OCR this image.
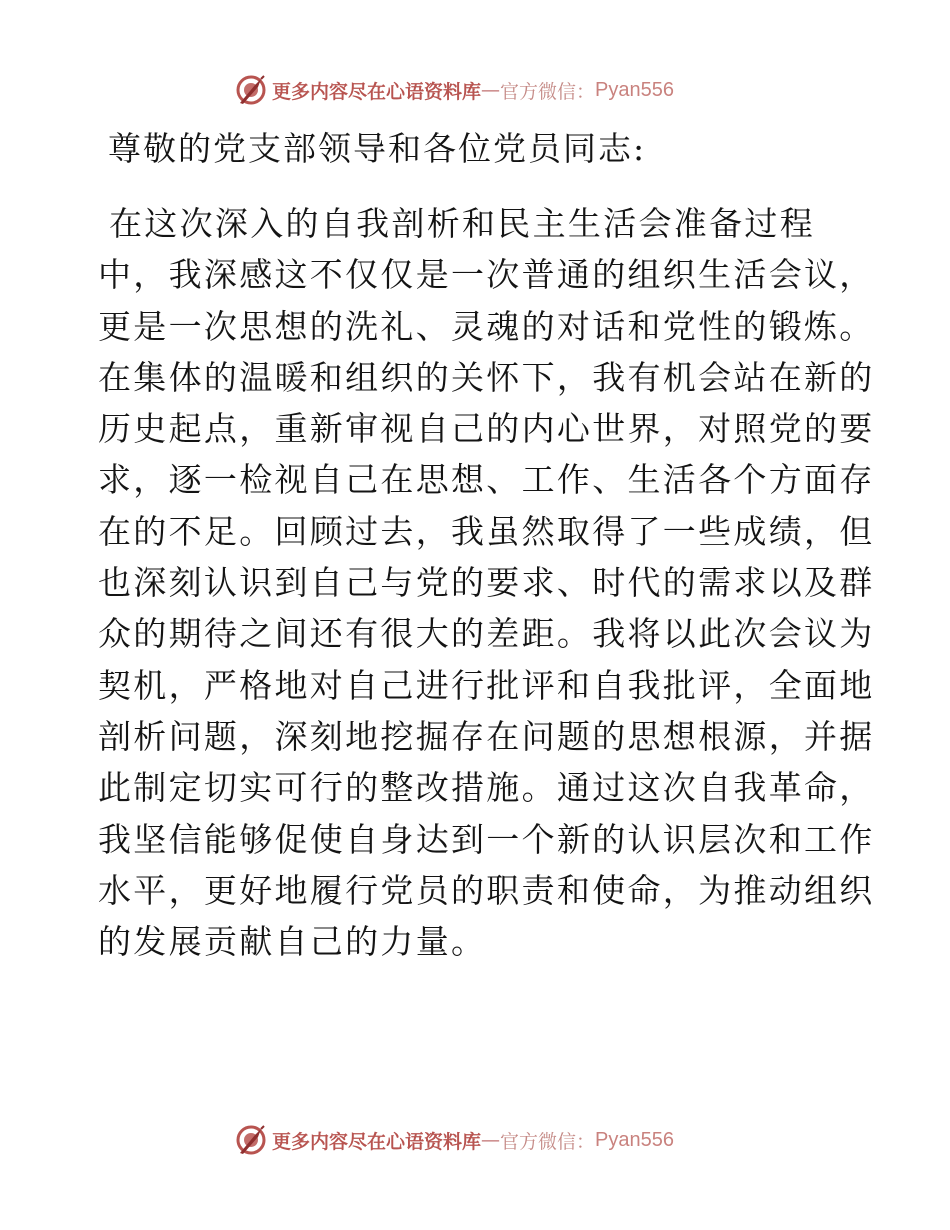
更多内容尽在心语资料库 — 官方微信： Pyan556
尊敬的党支部领导和各位党员同志:
在这次深入的自我剖析和民主生活会准备过程
中，我深感这不仅仅是一次普通的组织生活会议，
更是一次思想的洗礼、灵魂的对话和党性的锻炼。
在集体的温暖和组织的关怀下，我有机会站在新的
历史起点，重新审视自己的内心世界，对照党的要
求，逐一检视自己在思想、工作、生活各个方面存
在的不足。回顾过去，我虽然取得了一些成绩，但
也深刻认识到自己与党的要求、时代的需求以及群
众的期待之间还有很大的差距。我将以此次会议为
契机，严格地对自己进行批评和自我批评，全面地
剖析问题，深刻地挖掘存在问题的思想根源，并据
此制定切实可行的整改措施。通过这次自我革命，
我坚信能够促使自身达到一个新的认识层次和工作
水平，更好地履行党员的职责和使命，为推动组织
的发展贡献自己的力量。
更多内容尽在心语资料库 — 官方微信： Pyan556
